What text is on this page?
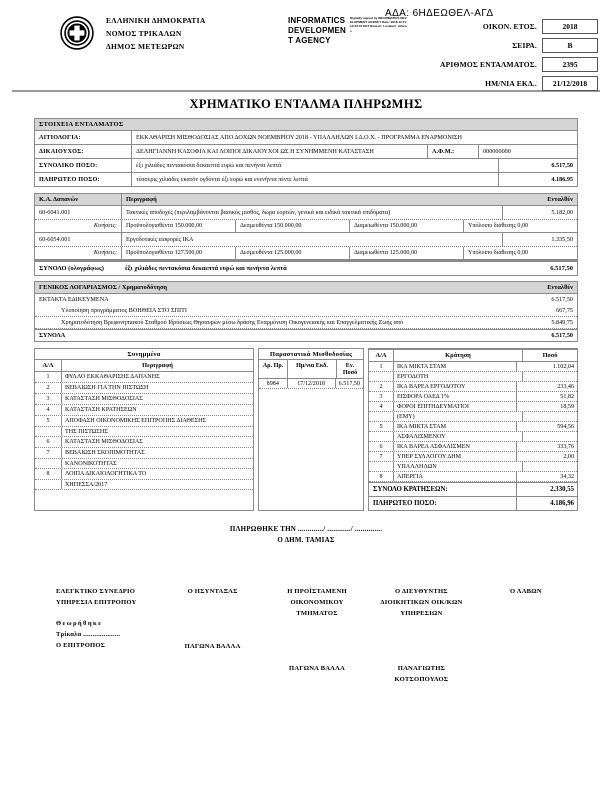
ΕΛΛΗΝΙΚΗ ΔΗΜΟΚΡΑΤΙΑ
ΝΟΜΟΣ ΤΡΙΚΑΛΩΝ
ΔΗΜΟΣ ΜΕΤΕΩΡΩΝ
INFORMATICS
DEVELOPMEN
T AGENCY
Digitally signed by INFORMATICS DEVELOPMENT AGENCY Date: 2018.12.21 10:43:15 EET Reason: Location: Athens
ΑΔΑ: 6ΗΔΕΩΘΕΛ-ΑΓΔ
ΟΙΚΟΝ. ΕΤΟΣ.	2018

ΣΕΙΡΑ.	Β

ΑΡΙΘΜΟΣ ΕΝΤΑΛΜΑΤΟΣ.	2395

ΗΜ/ΝΙΑ ΕΚΔ..	21/12/2018
ΧΡΗΜΑΤΙΚΟ ΕΝΤΑΛΜΑ ΠΛΗΡΩΜΗΣ
ΣΤΟΙΧΕΙΑ ΕΝΤΑΛΜΑΤΟΣ
ΑΙΤΙΟΛΟΓΙΑ:	ΕΚΚΑΘΑΡΙΣΗ ΜΙΣΘΟΔΟΣΙΑΣ ΑΠΟ ΔΟΧΩΝ ΝΟΕΜΒΡΙΟΥ 2018 - ΥΠΑΛΛΗΛΩΝ Ι.Δ.Ο.Χ. - ΠΡΟΓΡΑΜΜΑ ΕΝΑΡΜΟΝΙΣΗ
ΔΙΚΑΙΟΥΧΟΣ:	ΔΕΛΗΓΙΑΝΝΗ ΚΑΣΟΦΙΑ ΚΑΙ ΛΟΙΠΟΙ ΔΙΚΑΙΟΥΧΟΙ ΩΣ Η ΣΥΝΗΜΜΕΝΗ ΚΑΤΑΣΤΑΣΗ	Α.Φ.Μ.:	000000000
ΣΥΝΟΛΙΚΟ ΠΟΣΟ:	έξι χιλιάδες πεντακόσια δεκαεπτά ευρώ και πενήντα λεπτά	6.517,50
ΠΛΗΡΩΤΕΟ ΠΟΣΟ:	τέσσερις χιλιάδες εκατόν ογδόντα έξι ευρώ και ενενήντα πέντε λεπτά	4.186,95
Κ.Α. Δαπανών	Περιγραφή	Ενταλθέν
60-6041.001	Τακτικές αποδοχές (περιλαμβάνονται βασικός μισθός, δώρα εορτών, γενικά και ειδικά τακτικά επιδόματα)	5.182,00
Κινήσεις:	Προϋπολογισθέντα 150.000,00	Δεσμευθέντα 150.000,00	Διαμειωθέντα 150.000,00	Υπόλοιπο διάθεσης 0,00
60-6054.001	Εργοδοτικές εισφορές ΙΚΑ	1.335,50
Κινήσεις:	Προϋπολογισθέντα 127.500,00	Δεσμευθέντα 125.000,00	Διαμειωθέντα 125.000,00	Υπόλοιπο διάθεσης 0,00
ΣΥΝΟΛΟ (ολογράφως)	έξι χιλιάδες πεντακόσια δεκαεπτά ευρώ και πενήντα λεπτά	6.517,50
ΓΕΝΙΚΟΣ ΛΟΓΑΡΙΑΣΜΟΣ / Χρηματοδότηση	Ενταλθέν
ΕΚΤΑΚΤΑ ΕΔΙΚΕΥΜΕΝΑ	6.517,50
Υλοποίηση προγράμματος ΒΟΗΘΕΙΑ ΣΤΟ ΣΠΙΤΙ	667,75
Χρηματοδότηση Βρεφονηπιακού Σταθμού Ιδρύσεως Θησαυρών μέσω δράσης Εναρμόνιση Οικογενειακής και Επαγγελματικής Ζωής από	5.849,75
ΣΥΝΟΛΑ	6.517,50
Συνημμένα
Α/Α	Περιγραφή
1	ΦΥΛΛΟ ΕΚΚΑΘΑΡΙΣΗΣ ΔΑΠΑΝΗΣ
2	ΒΕΒΑΙΩΣΗ ΓΙΑ ΤΗΝ ΠΙΣΤΩΣΗ
3	ΚΑΤΑΣΤΑΣΗ ΜΙΣΘΟΔΟΣΙΑΣ
4	ΚΑΤΑΣΤΑΣΗ ΚΡΑΤΗΣΕΩΝ
5	ΑΠΟΦΑΣΗ ΟΙΚΟΝΟΜΙΚΗΣ ΕΠΙΤΡΟΠΗΣ ΔΙΑΘΕΣΗΣ
ΤΗΣ ΠΙΣΤΩΣΗΣ
6	ΚΑΤΑΣΤΑΣΗ ΜΙΣΘΟΔΟΣΙΑΣ
7	ΒΕΒΑΙΩΣΗ ΣΚΟΠΙΜΟΤΗΤΑΣ
ΚΑΝΟΝΙΚΟΤΗΤΑΣ
8	ΛΟΙΠΑ ΔΙΚΑΙΟΛΟΓΗΤΙΚΑ ΤΟ
ΧΗΠΕΣΣΑ/2017
Παραστατικά Μισθοδοσίας
Αρ. Πρ.	Ημ/νια Εκδ.	Εν. Ποσό
8984	17/12/2018	6.517,50
Α/Α	Κράτηση	Ποσό
1	ΙΚΑ ΜΙΚΤΑ ΣΤΑΜ	1.102,04
ΕΡΓΟΔΟΤΗ
2	ΙΚΑ ΒΑΡΕΑ ΕΡΓΟΔΟΤΟΥ	233,46
3	ΕΙΣΦΟΡΑ ΟΑΕΔ 1%	51,82
4	ΦΟΡΟΙ ΕΠΙΤΗΔΕΥΜΑΤΙΟΙ	18,59
(ΕΜΥ)
5	ΙΚΑ ΜΙΚΤΑ ΣΤΑΜ	594,56
ΑΣΦΑΛΙΣΜΕΝΟΥ
6	ΙΚΑ ΒΑΡΕΑ ΑΣΦΑΛΙΣΜΕΝ	333,76
7	ΥΠΕΡ ΣΥΛΛΟΓΟΥ ΔΗΜ	2,00
ΥΠΑΛΛΗΛΩΝ
8	ΑΠΕΡΓΙΑ	34,32
ΣΥΝΟΛΟ ΚΡΑΤΗΣΕΩΝ:	2.330,55
ΠΛΗΡΩΤΕΟ ΠΟΣΟ:	4.186,96
ΠΛΗΡΩΘΗΚΕ ΤΗΝ ............./ ............/ ..............
Ο ΔΗΜ. ΤΑΜΙΑΣ
ΕΛΕΓΚΤΙΚΟ ΣΥΝΕΔΡΙΟ
ΥΠΗΡΕΣΙΑ ΕΠΙΤΡΟΠΟΥ
Θεωρήθηκε
Τρίκαλα ....................
Ο ΕΠΙΤΡΟΠΟΣ
Ο ΗΣΥΝΤΑΞΑΣ
ΠΑΓΩΝΑ ΒΑΛΛΑ
Η ΠΡΟΪΣΤΑΜΕΝΗ
ΟΙΚΟΝΟΜΙΚΟΥ
ΤΜΗΜΑΤΟΣ
ΠΑΓΩΝΑ ΒΑΛΛΑ
Ο ΔΙΕΥΘΥΝΤΗΣ
ΔΙΟΙΚΗΤΙΚΩΝ ΟΙΚ/ΚΩΝ
ΥΠΗΡΕΣΙΩΝ
ΠΑΝΑΓΙΩΤΗΣ
ΚΟΤΣΟΠΟΥΛΟΣ
Ο ΛΑΒΩΝ
